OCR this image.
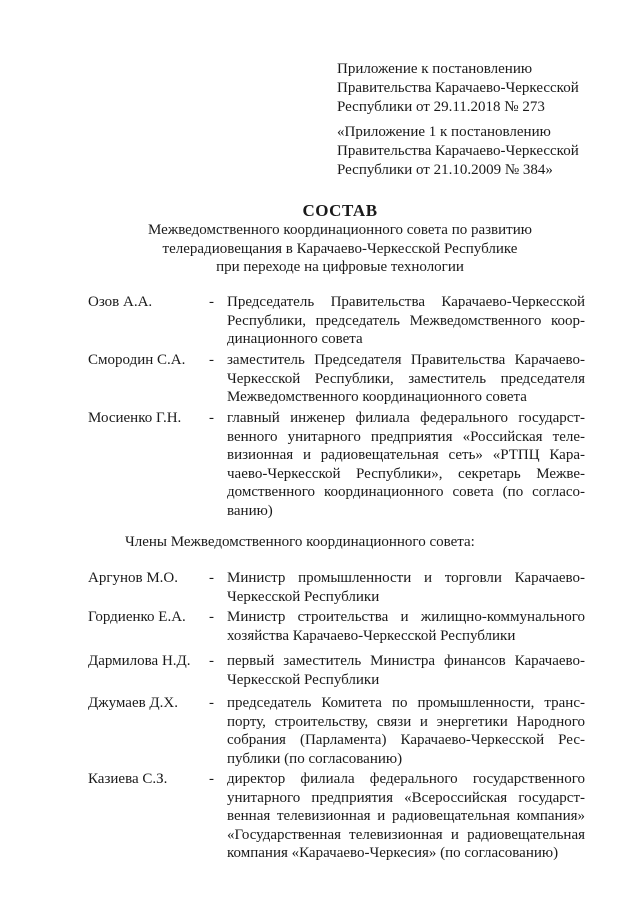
Приложение к постановлению
Правительства Карачаево-Черкесской
Республики от 29.11.2018 № 273
«Приложение 1 к постановлению
Правительства Карачаево-Черкесской
Республики от 21.10.2009 № 384»
СОСТАВ
Межведомственного координационного совета по развитию
телерадиовещания в Карачаево-Черкесской Республике
при переходе на цифровые технологии
Озов А.А.	- Председатель Правительства Карачаево-Черкесской
Республики, председатель Межведомственного коор-
динационного совета
Смородин С.А. - заместитель Председателя Правительства Карачаево-
Черкесской Республики, заместитель председателя
Межведомственного координационного совета
Мосиенко Г.Н. - главный инженер филиала федерального государст-
венного унитарного предприятия «Российская теле-
визионная и радиовещательная сеть» «РТПЦ Кара-
чаево-Черкесской Республики», секретарь Межве-
домственного координационного совета (по согласо-
ванию)
Члены Межведомственного координационного совета:
Аргунов М.О. - Министр промышленности и торговли Карачаево-
Черкесской Республики
Гордиенко Е.А. - Министр строительства и жилищно-коммунального
хозяйства Карачаево-Черкесской Республики
Дармилова Н.Д. - первый заместитель Министра финансов Карачаево-
Черкесской Республики
Джумаев Д.Х. - председатель Комитета по промышленности, транс-
порту, строительству, связи и энергетики Народного
собрания (Парламента) Карачаево-Черкесской Рес-
публики (по согласованию)
Казиева С.З.	- директор филиала федерального государственного
унитарного предприятия «Всероссийская государст-
венная телевизионная и радиовещательная компания»
«Государственная телевизионная и радиовещательная
компания «Карачаево-Черкесия» (по согласованию)
